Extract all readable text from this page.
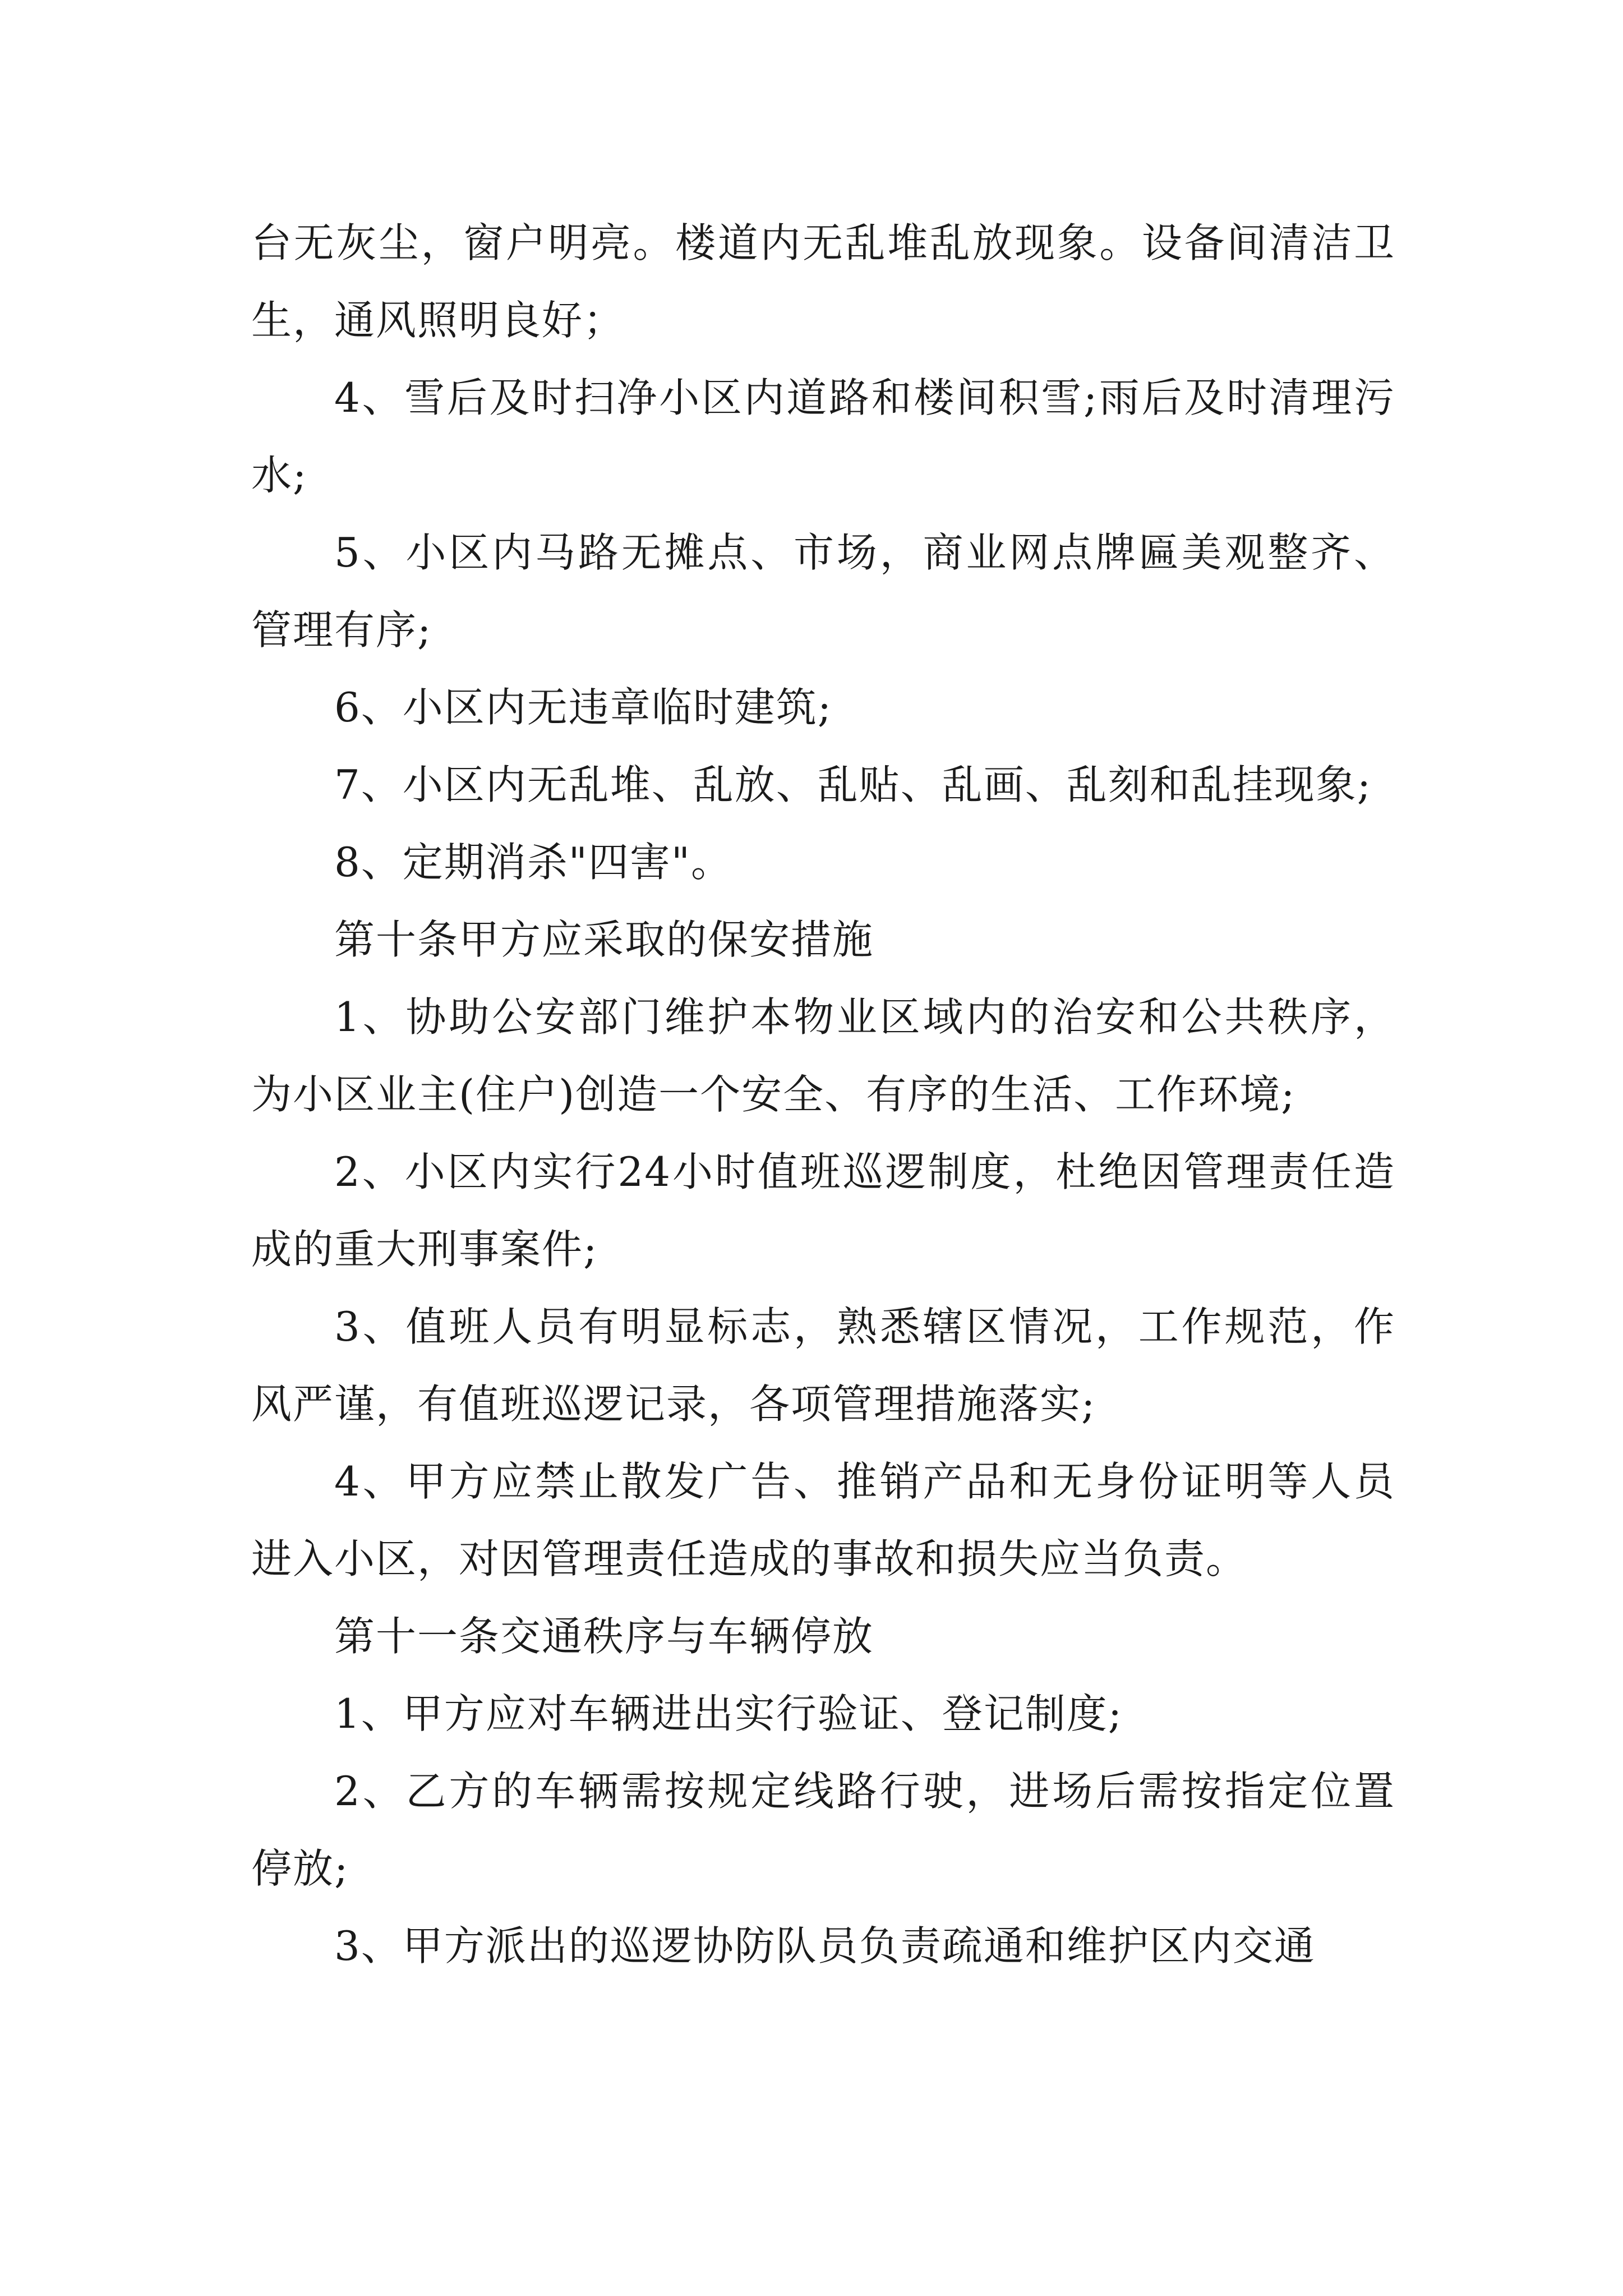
台无灰尘，窗户明亮。楼道内无乱堆乱放现象。设备间清洁卫生，通风照明良好；

4、雪后及时扫净小区内道路和楼间积雪;雨后及时清理污水;

5、小区内马路无摊点、市场，商业网点牌匾美观整齐、管理有序;

6、小区内无违章临时建筑;

7、小区内无乱堆、乱放、乱贴、乱画、乱刻和乱挂现象;

8、定期消杀"四害"。

第十条甲方应采取的保安措施

1、协助公安部门维护本物业区域内的治安和公共秩序，为小区业主(住户)创造一个安全、有序的生活、工作环境;

2、小区内实行24小时值班巡逻制度，杜绝因管理责任造成的重大刑事案件;

3、值班人员有明显标志，熟悉辖区情况，工作规范，作风严谨，有值班巡逻记录，各项管理措施落实;

4、甲方应禁止散发广告、推销产品和无身份证明等人员进入小区，对因管理责任造成的事故和损失应当负责。

第十一条交通秩序与车辆停放

1、甲方应对车辆进出实行验证、登记制度;

2、乙方的车辆需按规定线路行驶，进场后需按指定位置停放;

3、甲方派出的巡逻协防队员负责疏通和维护区内交通
